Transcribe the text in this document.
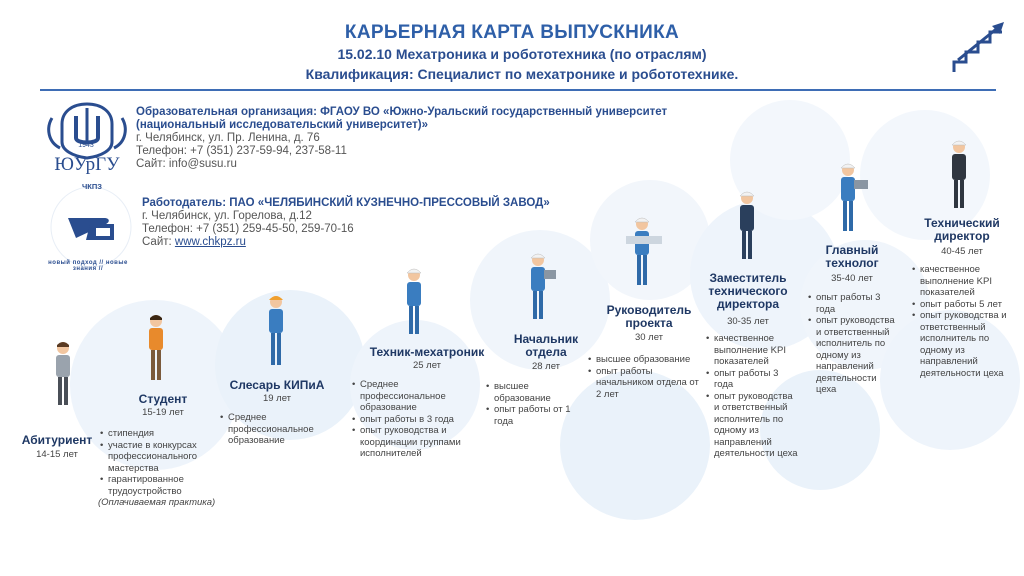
КАРЬЕРНАЯ КАРТА ВЫПУСКНИКА
15.02.10 Мехатроника и робототехника (по отраслям)
Квалификация: Специалист по мехатронике и робототехнике.
1943
ЮУрГУ
Образовательная организация: ФГАОУ ВО «Южно-Уральский государственный университет
(национальный исследовательский университет)»
г. Челябинск, ул. Пр. Ленина, д. 76
Телефон: +7 (351) 237-59-94, 237-58-11
Сайт: info@susu.ru
ЧКПЗ
новый подход // новые знания //
Работодатель: ПАО «ЧЕЛЯБИНСКИЙ КУЗНЕЧНО-ПРЕССОВЫЙ ЗАВОД»
г. Челябинск, ул. Горелова, д.12
Телефон: +7 (351) 259-45-50, 259-70-16
Сайт: www.chkpz.ru
Абитуриент
14-15 лет
Студент
15-19 лет
• стипендия
• участие в конкурсах профессионального мастерства
• гарантированное трудоустройство
(Оплачиваемая практика)
Слесарь КИПиА
19 лет
• Среднее профессиональное образование
Техник-мехатроник
25 лет
• Среднее профессиональное образование
• опыт работы в 3 года
• опыт руководства и координации группами исполнителей
Начальник отдела
28 лет
• высшее образование
• опыт работы от 1 года
Руководитель проекта
30 лет
• высшее образование
• опыт работы начальником отдела от 2 лет
Заместитель технического директора
30-35 лет
• качественное выполнение KPI показателей
• опыт работы 3 года
• опыт руководства и ответственный исполнитель по одному из направлений деятельности цеха
Главный технолог
35-40 лет
• опыт работы 3 года
• опыт руководства и ответственный исполнитель по одному из направлений деятельности цеха
Технический директор
40-45 лет
• качественное выполнение KPI показателей
• опыт работы 5 лет
• опыт руководства и ответственный исполнитель по одному из направлений деятельности цеха
